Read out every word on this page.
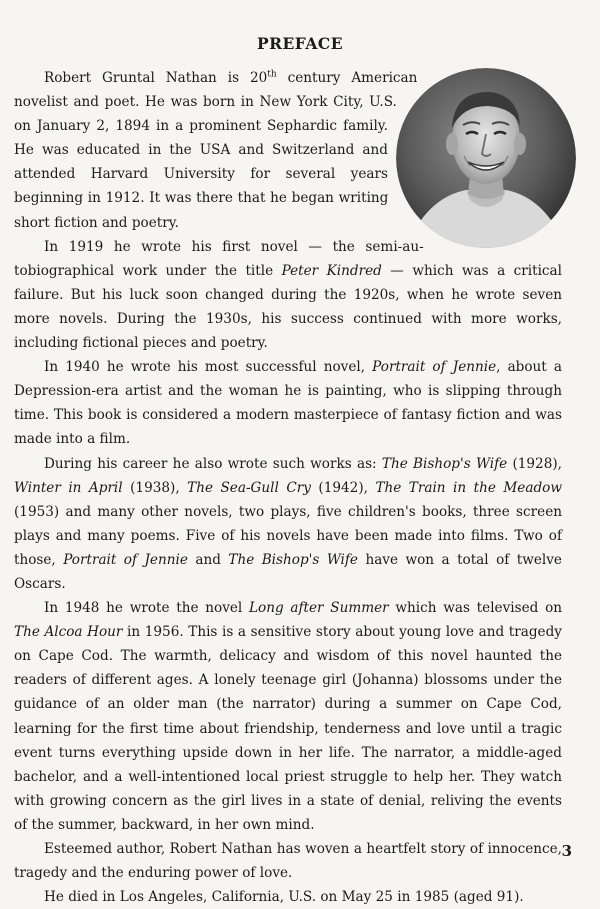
PREFACE

Robert Gruntal Nathan is 20th century American novelist and poet. He was born in New York City, U.S. on January 2, 1894 in a prominent Sephardic family. He was educated in the USA and Switzerland and attended Harvard University for several years beginning in 1912. It was there that he began writing short fiction and poetry.

In 1919 he wrote his first novel — the semi-autobiographical work under the title Peter Kindred — which was a critical failure. But his luck soon changed during the 1920s, when he wrote seven more novels. During the 1930s, his success continued with more works, including fictional pieces and poetry.

In 1940 he wrote his most successful novel, Portrait of Jennie, about a Depression-era artist and the woman he is painting, who is slipping through time. This book is considered a modern masterpiece of fantasy fiction and was made into a film.

During his career he also wrote such works as: The Bishop's Wife (1928), Winter in April (1938), The Sea-Gull Cry (1942), The Train in the Meadow (1953) and many other novels, two plays, five children's books, three screen plays and many poems. Five of his novels have been made into films. Two of those, Portrait of Jennie and The Bishop's Wife have won a total of twelve Oscars.

In 1948 he wrote the novel Long after Summer which was televised on The Alcoa Hour in 1956. This is a sensitive story about young love and tragedy on Cape Cod. The warmth, delicacy and wisdom of this novel haunted the readers of different ages. A lonely teenage girl (Johanna) blossoms under the guidance of an older man (the narrator) during a summer on Cape Cod, learning for the first time about friendship, tenderness and love until a tragic event turns everything upside down in her life. The narrator, a middle-aged bachelor, and a well-intentioned local priest struggle to help her. They watch with growing concern as the girl lives in a state of denial, reliving the events of the summer, backward, in her own mind.

Esteemed author, Robert Nathan has woven a heartfelt story of innocence, tragedy and the enduring power of love.

He died in Los Angeles, California, U.S. on May 25 in 1985 (aged 91).

3
